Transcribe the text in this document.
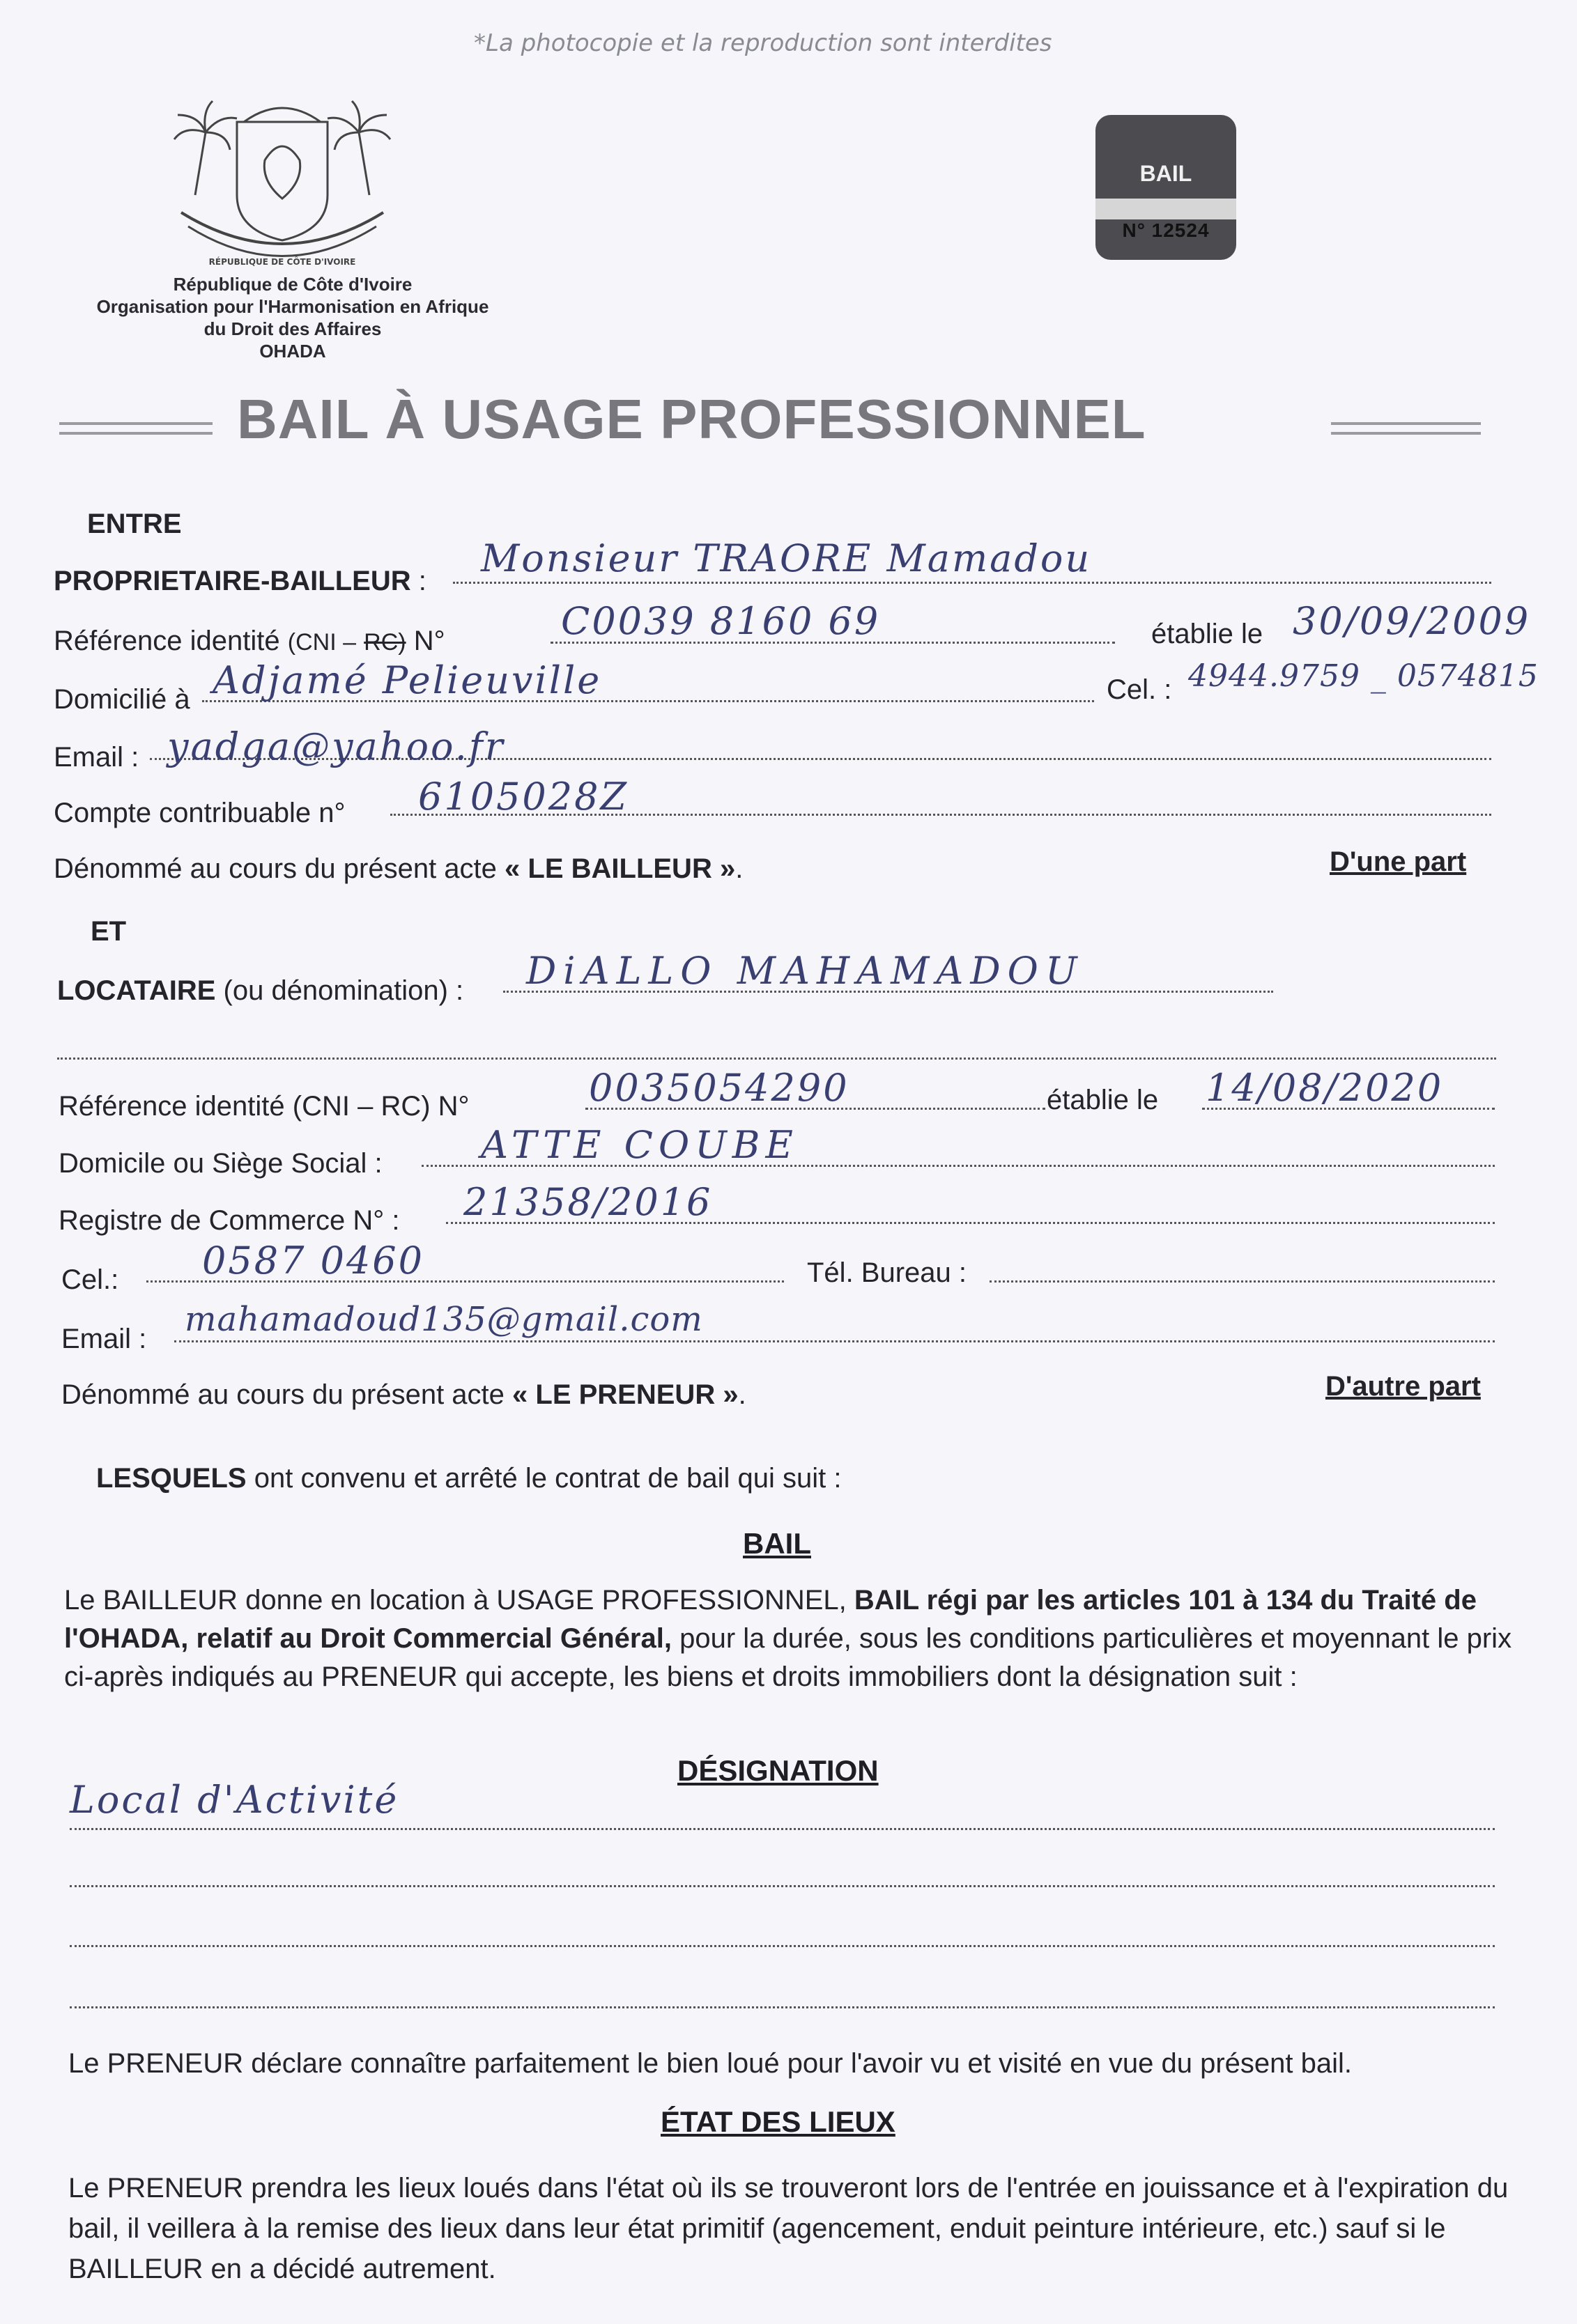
*La photocopie et la reproduction sont interdites
RÉPUBLIQUE DE CÔTE D'IVOIRE
République de Côte d'Ivoire
Organisation pour l'Harmonisation en Afrique
du Droit des Affaires
OHADA
BAIL
N° 12524
BAIL À USAGE PROFESSIONNEL
ENTRE
PROPRIETAIRE-BAILLEUR :
Monsieur TRAORE Mamadou
Référence identité (CNI – RC) N°	C0039 8160 69	établie le 30/09/2009
Domicilié à Adjamé Pelieuville	Cel. : 4944.9759 _ 0574815
Email : yadga@yahoo.fr
Compte contribuable n° 6105028Z
Dénommé au cours du présent acte « LE BAILLEUR ».	D'une part
ET
LOCATAIRE (ou dénomination) : DiALLO MAHAMADOU
Référence identité (CNI – RC) N°	0035054290	établie le 14/08/2020
Domicile ou Siège Social :	ATTE COUBE
Registre de Commerce N° : 21358/2016
Cel.: 0587 0460	Tél. Bureau :
Email : mahamadoud135@gmail.com
Dénommé au cours du présent acte « LE PRENEUR ».	D'autre part
LESQUELS ont convenu et arrêté le contrat de bail qui suit :
BAIL
Le BAILLEUR donne en location à USAGE PROFESSIONNEL, BAIL régi par les articles 101 à 134 du Traité de l'OHADA, relatif au Droit Commercial Général, pour la durée, sous les conditions particulières et moyennant le prix ci-après indiqués au PRENEUR qui accepte, les biens et droits immobiliers dont la désignation suit :
DÉSIGNATION
Local d'Activité
Le PRENEUR déclare connaître parfaitement le bien loué pour l'avoir vu et visité en vue du présent bail.
ÉTAT DES LIEUX
Le PRENEUR prendra les lieux loués dans l'état où ils se trouveront lors de l'entrée en jouissance et à l'expiration du bail, il veillera à la remise des lieux dans leur état primitif (agencement, enduit peinture intérieure, etc.) sauf si le BAILLEUR en a décidé autrement.
